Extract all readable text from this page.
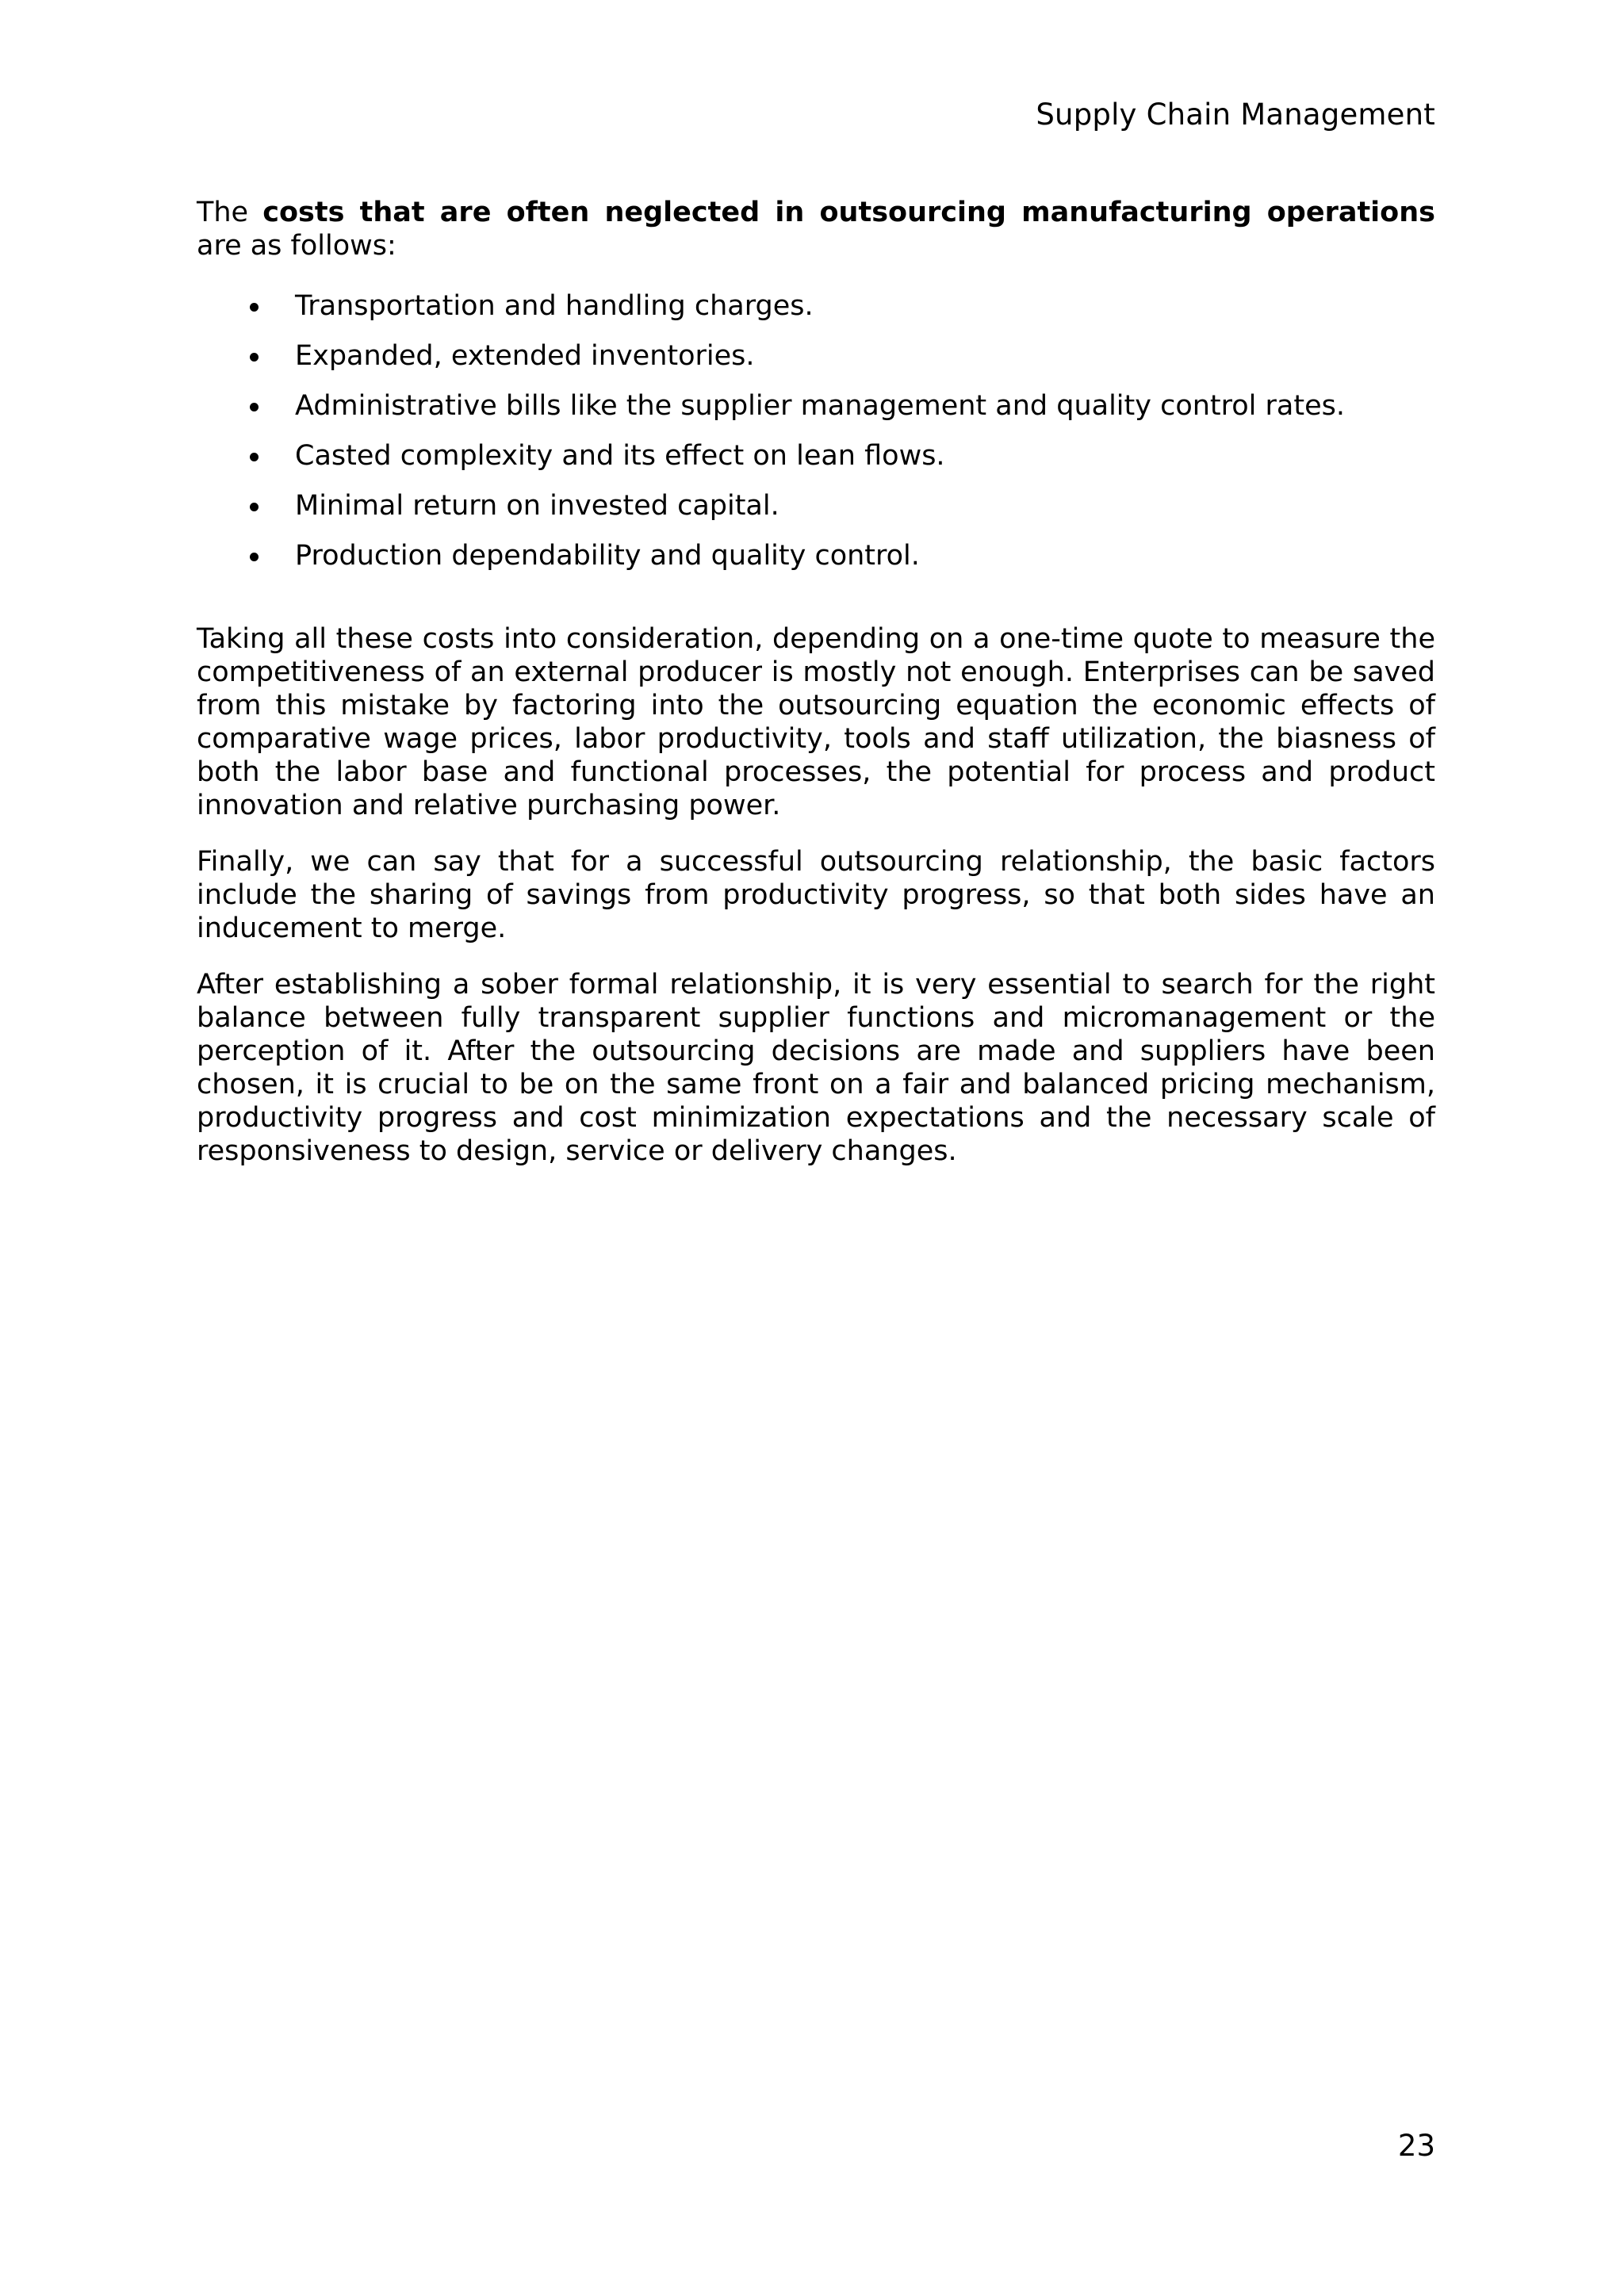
Supply Chain Management

The costs that are often neglected in outsourcing manufacturing operations are as follows:

Transportation and handling charges.
Expanded, extended inventories.
Administrative bills like the supplier management and quality control rates.
Casted complexity and its effect on lean flows.
Minimal return on invested capital.
Production dependability and quality control.

Taking all these costs into consideration, depending on a one-time quote to measure the competitiveness of an external producer is mostly not enough. Enterprises can be saved from this mistake by factoring into the outsourcing equation the economic effects of comparative wage prices, labor productivity, tools and staff utilization, the biasness of both the labor base and functional processes, the potential for process and product innovation and relative purchasing power.

Finally, we can say that for a successful outsourcing relationship, the basic factors include the sharing of savings from productivity progress, so that both sides have an inducement to merge.

After establishing a sober formal relationship, it is very essential to search for the right balance between fully transparent supplier functions and micromanagement or the perception of it. After the outsourcing decisions are made and suppliers have been chosen, it is crucial to be on the same front on a fair and balanced pricing mechanism, productivity progress and cost minimization expectations and the necessary scale of responsiveness to design, service or delivery changes.

23
